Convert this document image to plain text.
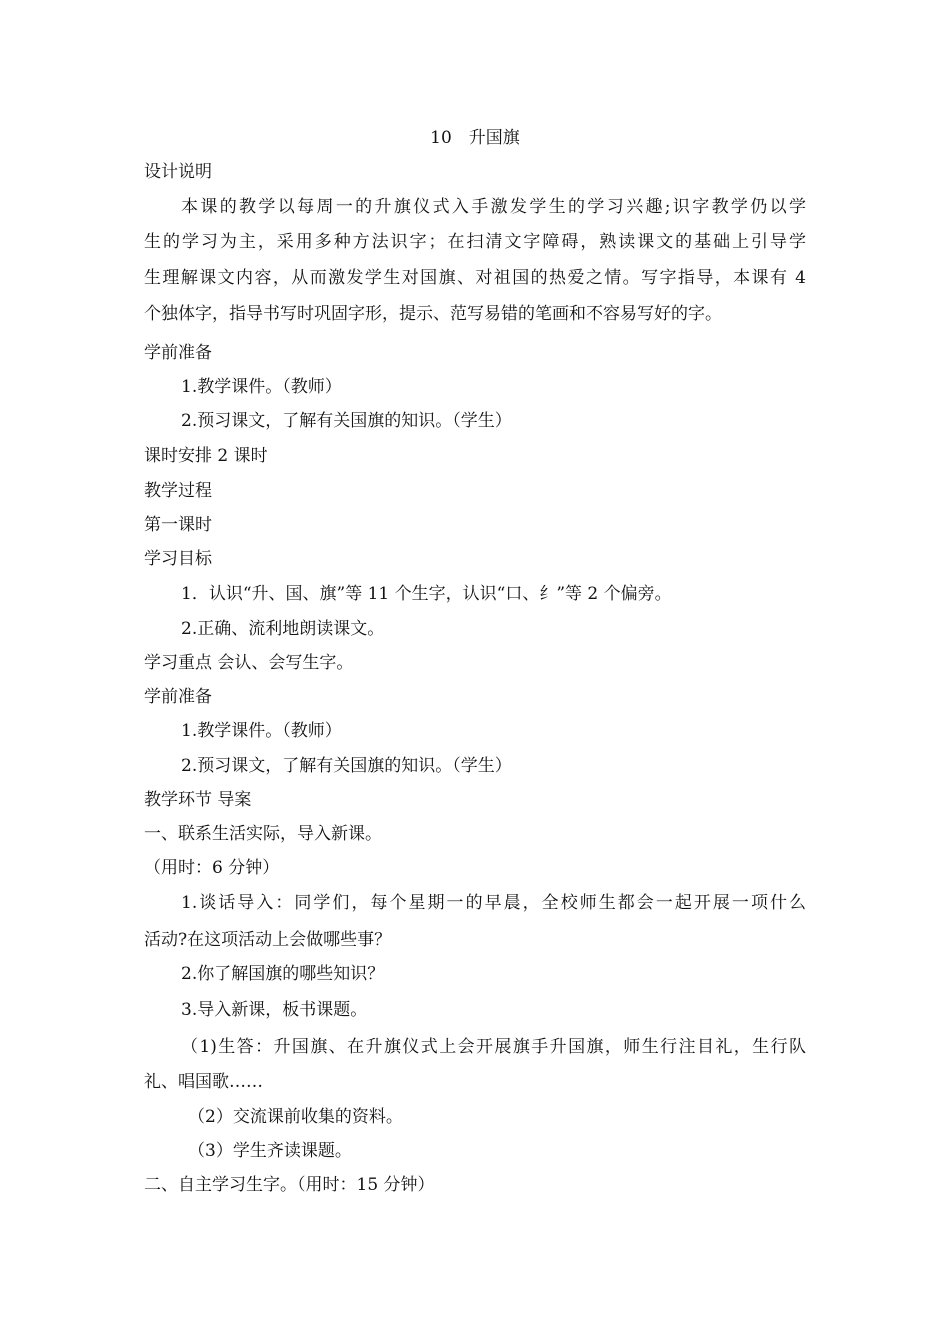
10　升国旗
设计说明
本课的教学以每周一的升旗仪式入手激发学生的学习兴趣;识字教学仍以学
生的学习为主，采用多种方法识字；在扫清文字障碍，熟读课文的基础上引导学
生理解课文内容，从而激发学生对国旗、对祖国的热爱之情。写字指导，本课有 4
个独体字，指导书写时巩固字形，提示、范写易错的笔画和不容易写好的字。
学前准备
1.教学课件。（教师）
2.预习课文，了解有关国旗的知识。（学生）
课时安排 2 课时
教学过程
第一课时
学习目标
1．认识“升、国、旗”等 11 个生字，认识“口、纟”等 2 个偏旁。
2.正确、流利地朗读课文。
学习重点 会认、会写生字。
学前准备
1.教学课件。（教师）
2.预习课文，了解有关国旗的知识。（学生）
教学环节 导案
一、联系生活实际，导入新课。
（用时：6 分钟）
1.谈话导入：同学们，每个星期一的早晨，全校师生都会一起开展一项什么
活动?在这项活动上会做哪些事？
2.你了解国旗的哪些知识？
3.导入新课，板书课题。
（1)生答：升国旗、在升旗仪式上会开展旗手升国旗，师生行注目礼，生行队
礼、唱国歌……
（2）交流课前收集的资料。
（3）学生齐读课题。
二、自主学习生字。（用时：15 分钟）
